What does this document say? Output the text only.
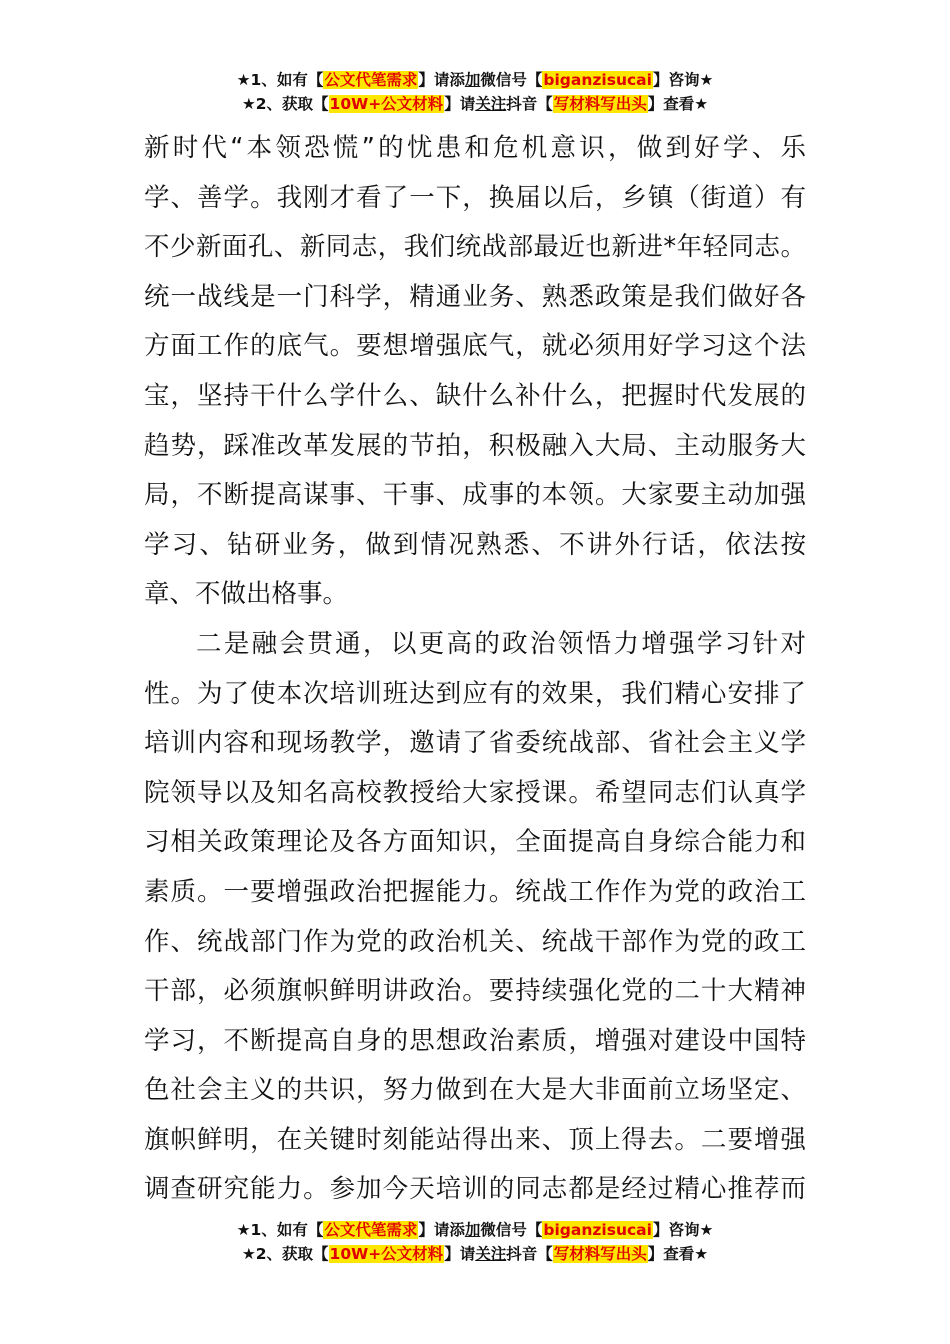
★1、如有【公文代笔需求】请添加微信号【biganzisucai】咨询★
★2、获取【10W+公文材料】请关注抖音【写材料写出头】查看★
新时代“本领恐慌”的忧患和危机意识，做到好学、乐
学、善学。我刚才看了一下，换届以后，乡镇（街道）有
不少新面孔、新同志，我们统战部最近也新进*年轻同志。
统一战线是一门科学，精通业务、熟悉政策是我们做好各
方面工作的底气。要想增强底气，就必须用好学习这个法
宝，坚持干什么学什么、缺什么补什么，把握时代发展的
趋势，踩准改革发展的节拍，积极融入大局、主动服务大
局，不断提高谋事、干事、成事的本领。大家要主动加强
学习、钻研业务，做到情况熟悉、不讲外行话，依法按
章、不做出格事。
二是融会贯通，以更高的政治领悟力增强学习针对
性。为了使本次培训班达到应有的效果，我们精心安排了
培训内容和现场教学，邀请了省委统战部、省社会主义学
院领导以及知名高校教授给大家授课。希望同志们认真学
习相关政策理论及各方面知识，全面提高自身综合能力和
素质。一要增强政治把握能力。统战工作作为党的政治工
作、统战部门作为党的政治机关、统战干部作为党的政工
干部，必须旗帜鲜明讲政治。要持续强化党的二十大精神
学习，不断提高自身的思想政治素质，增强对建设中国特
色社会主义的共识，努力做到在大是大非面前立场坚定、
旗帜鲜明，在关键时刻能站得出来、顶上得去。二要增强
调查研究能力。参加今天培训的同志都是经过精心推荐而
★1、如有【公文代笔需求】请添加微信号【biganzisucai】咨询★
★2、获取【10W+公文材料】请关注抖音【写材料写出头】查看★
